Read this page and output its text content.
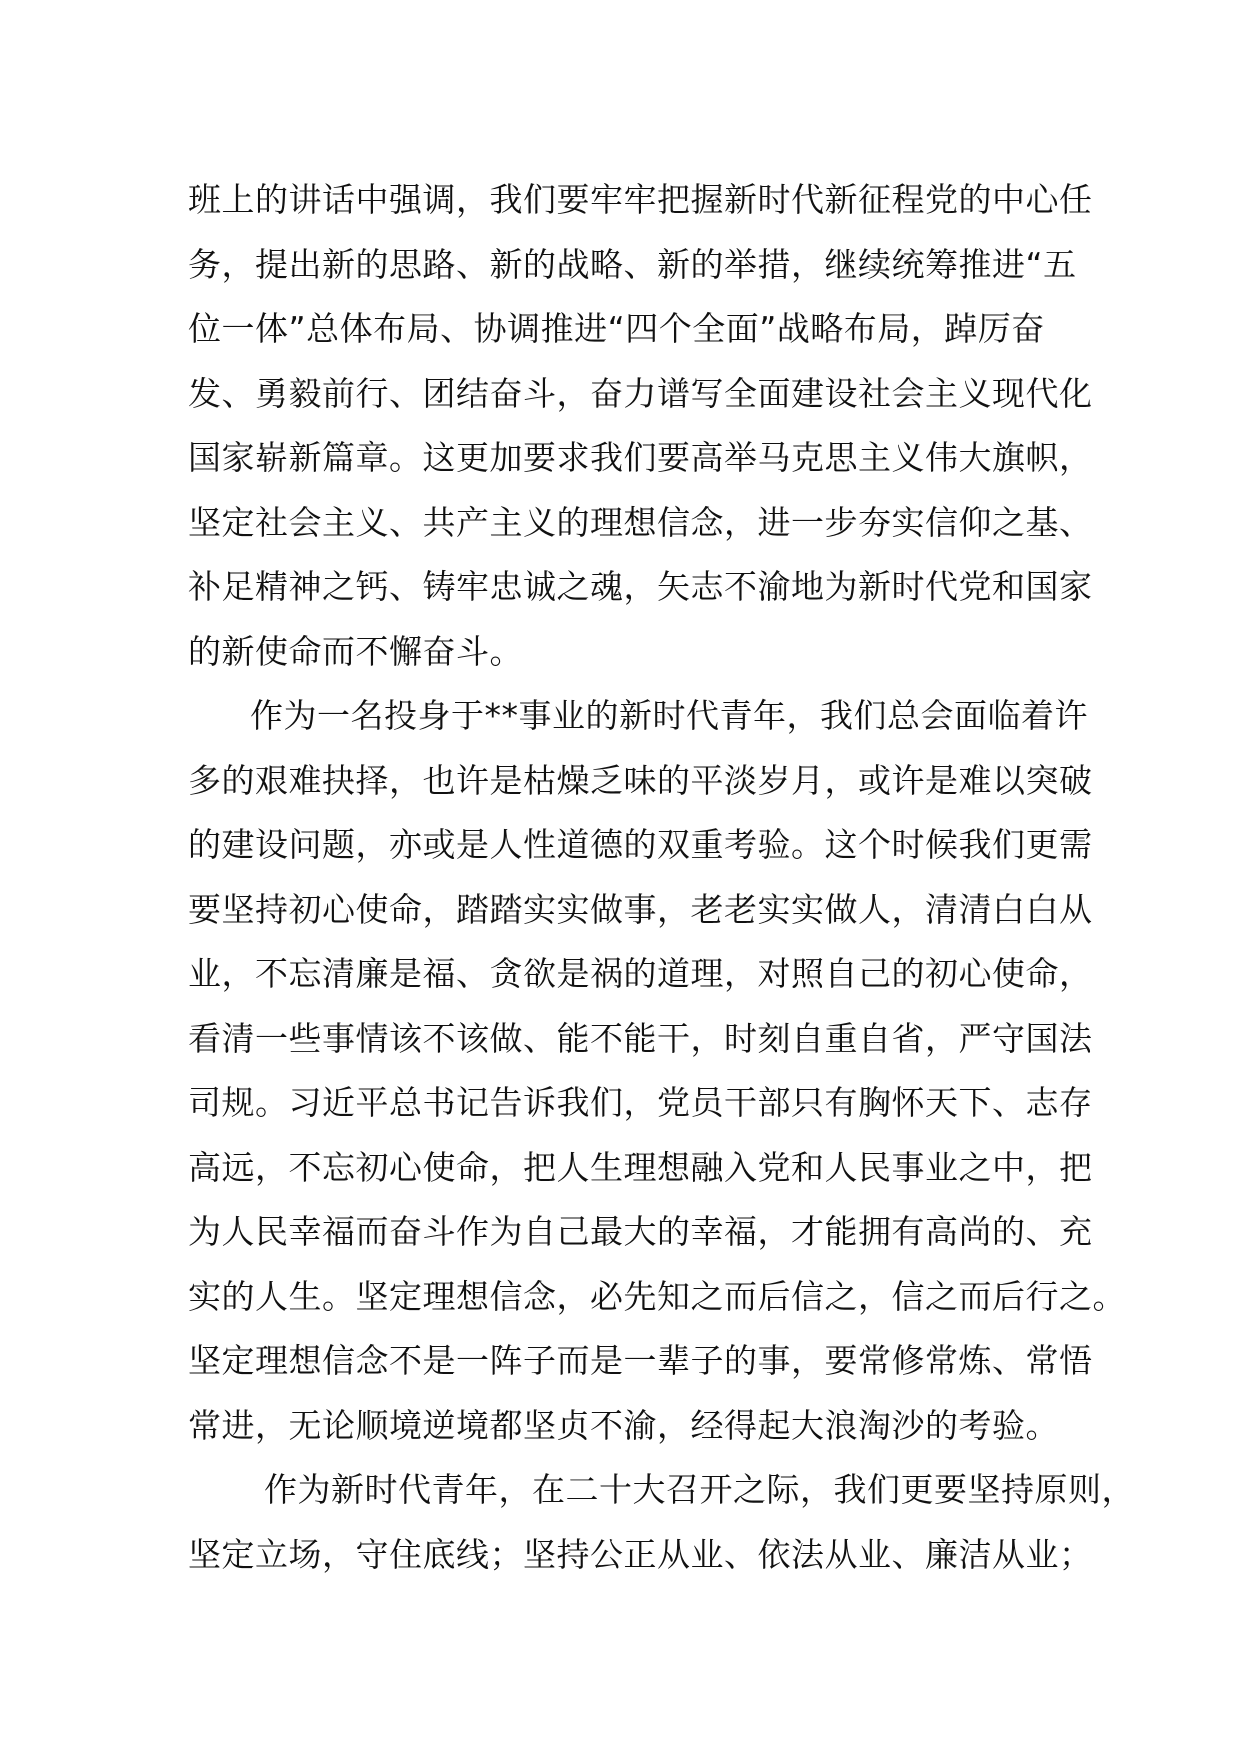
班上的讲话中强调，我们要牢牢把握新时代新征程党的中心任
务，提出新的思路、新的战略、新的举措，继续统筹推进“五
位一体”总体布局、协调推进“四个全面”战略布局，踔厉奋
发、勇毅前行、团结奋斗，奋力谱写全面建设社会主义现代化
国家崭新篇章。这更加要求我们要高举马克思主义伟大旗帜，
坚定社会主义、共产主义的理想信念，进一步夯实信仰之基、
补足精神之钙、铸牢忠诚之魂，矢志不渝地为新时代党和国家
的新使命而不懈奋斗。
作为一名投身于**事业的新时代青年，我们总会面临着许
多的艰难抉择，也许是枯燥乏味的平淡岁月，或许是难以突破
的建设问题，亦或是人性道德的双重考验。这个时候我们更需
要坚持初心使命，踏踏实实做事，老老实实做人，清清白白从
业，不忘清廉是福、贪欲是祸的道理，对照自己的初心使命，
看清一些事情该不该做、能不能干，时刻自重自省，严守国法
司规。习近平总书记告诉我们，党员干部只有胸怀天下、志存
高远，不忘初心使命，把人生理想融入党和人民事业之中，把
为人民幸福而奋斗作为自己最大的幸福，才能拥有高尚的、充
实的人生。坚定理想信念，必先知之而后信之，信之而后行之。
坚定理想信念不是一阵子而是一辈子的事，要常修常炼、常悟
常进，无论顺境逆境都坚贞不渝，经得起大浪淘沙的考验。
作为新时代青年，在二十大召开之际，我们更要坚持原则，
坚定立场，守住底线；坚持公正从业、依法从业、廉洁从业；
